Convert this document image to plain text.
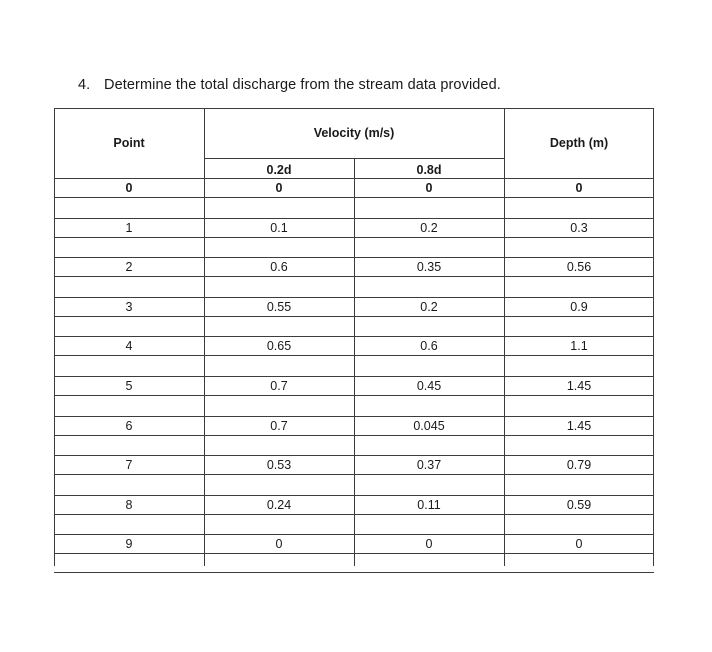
4. Determine the total discharge from the stream data provided.
Point
Velocity (m/s)
Depth (m)
0.2d	0.8d
0	0	0	0
1	0.1	0.2	0.3
2	0.6	0.35	0.56
3	0.55	0.2	0.9
4	0.65	0.6	1.1
5	0.7	0.45	1.45
6	0.7	0.045	1.45
7	0.53	0.37	0.79
8	0.24	0.11	0.59
9	0	0	0
